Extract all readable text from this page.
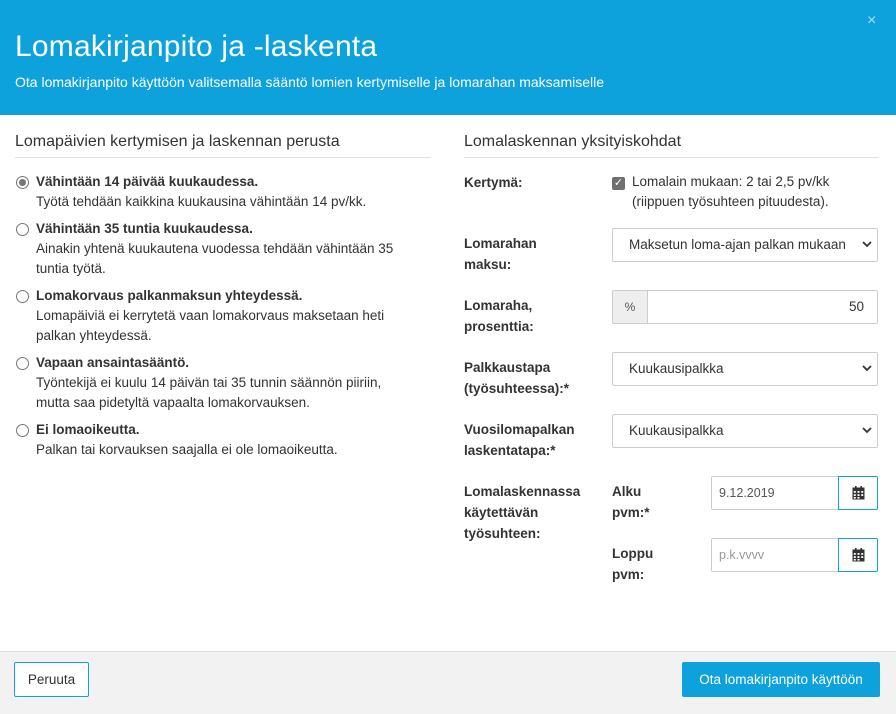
Lomakirjanpito ja -laskenta
Ota lomakirjanpito käyttöön valitsemalla sääntö lomien kertymiselle ja lomarahan maksamiselle
×
Lomapäivien kertymisen ja laskennan perusta
Vähintään 14 päivää kuukaudessa.
Työtä tehdään kaikkina kuukausina vähintään 14 pv/kk.
Vähintään 35 tuntia kuukaudessa.
Ainakin yhtenä kuukautena vuodessa tehdään vähintään 35 tuntia työtä.
Lomakorvaus palkanmaksun yhteydessä.
Lomapäiviä ei kerrytetä vaan lomakorvaus maksetaan heti palkan yhteydessä.
Vapaan ansaintasääntö.
Työntekijä ei kuulu 14 päivän tai 35 tunnin säännön piiriin, mutta saa pidetyltä vapaalta lomakorvauksen.
Ei lomaoikeutta.
Palkan tai korvauksen saajalla ei ole lomaoikeutta.
Lomalaskennan yksityiskohdat
Kertymä:	✓ Lomalain mukaan: 2 tai 2,5 pv/kk (riippuen työsuhteen pituudesta).
Lomarahan maksu:
Maksetun loma-ajan palkan mukaan
Lomaraha, prosenttia:
%	50
Palkkaustapa (työsuhteessa):*
Kuukausipalkka
Vuosilomapalkan laskentatapa:*
Kuukausipalkka
Lomalaskennassa käytettävän työsuhteen:
Alku pvm:*
9.12.2019
Loppu pvm:
p.k.vvvv
Peruuta	Ota lomakirjanpito käyttöön
